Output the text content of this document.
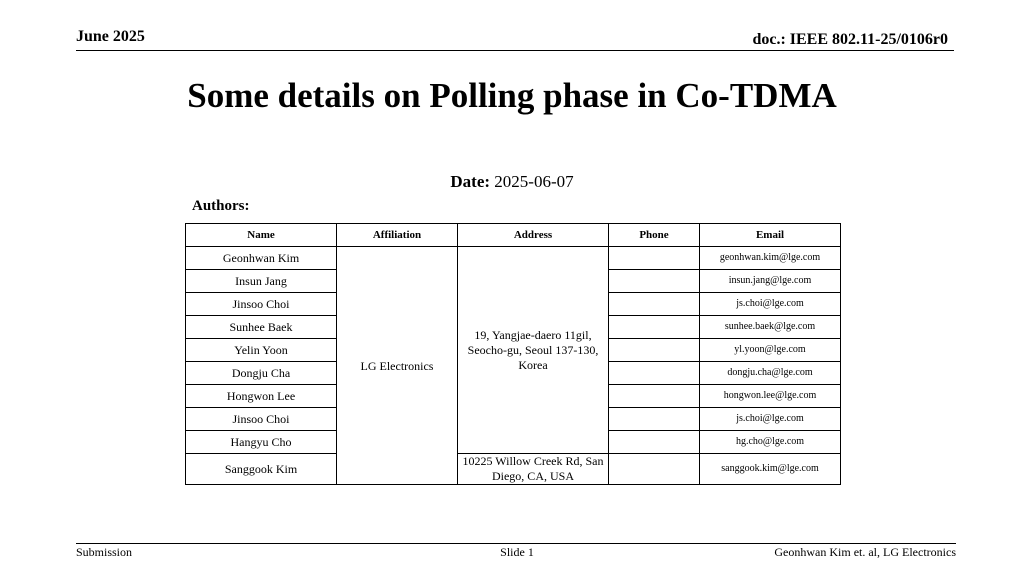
June 2025	doc.: IEEE 802.11-25/0106r0
Some details on Polling phase in Co-TDMA
Date: 2025-06-07
Authors:
Name	Affiliation	Address	Phone	Email
Geonhwan Kim	LG Electronics	19, Yangjae-daero 11gil, Seocho-gu, Seoul 137-130, Korea		geonhwan.kim@lge.com
Insun Jang				insun.jang@lge.com
Jinsoo Choi				js.choi@lge.com
Sunhee Baek				sunhee.baek@lge.com
Yelin Yoon				yl.yoon@lge.com
Dongju Cha				dongju.cha@lge.com
Hongwon Lee				hongwon.lee@lge.com
Jinsoo Choi				js.choi@lge.com
Hangyu Cho				hg.cho@lge.com
Sanggook Kim		10225 Willow Creek Rd, San Diego, CA, USA		sanggook.kim@lge.com
Submission	Slide 1	Geonhwan Kim et. al, LG Electronics
